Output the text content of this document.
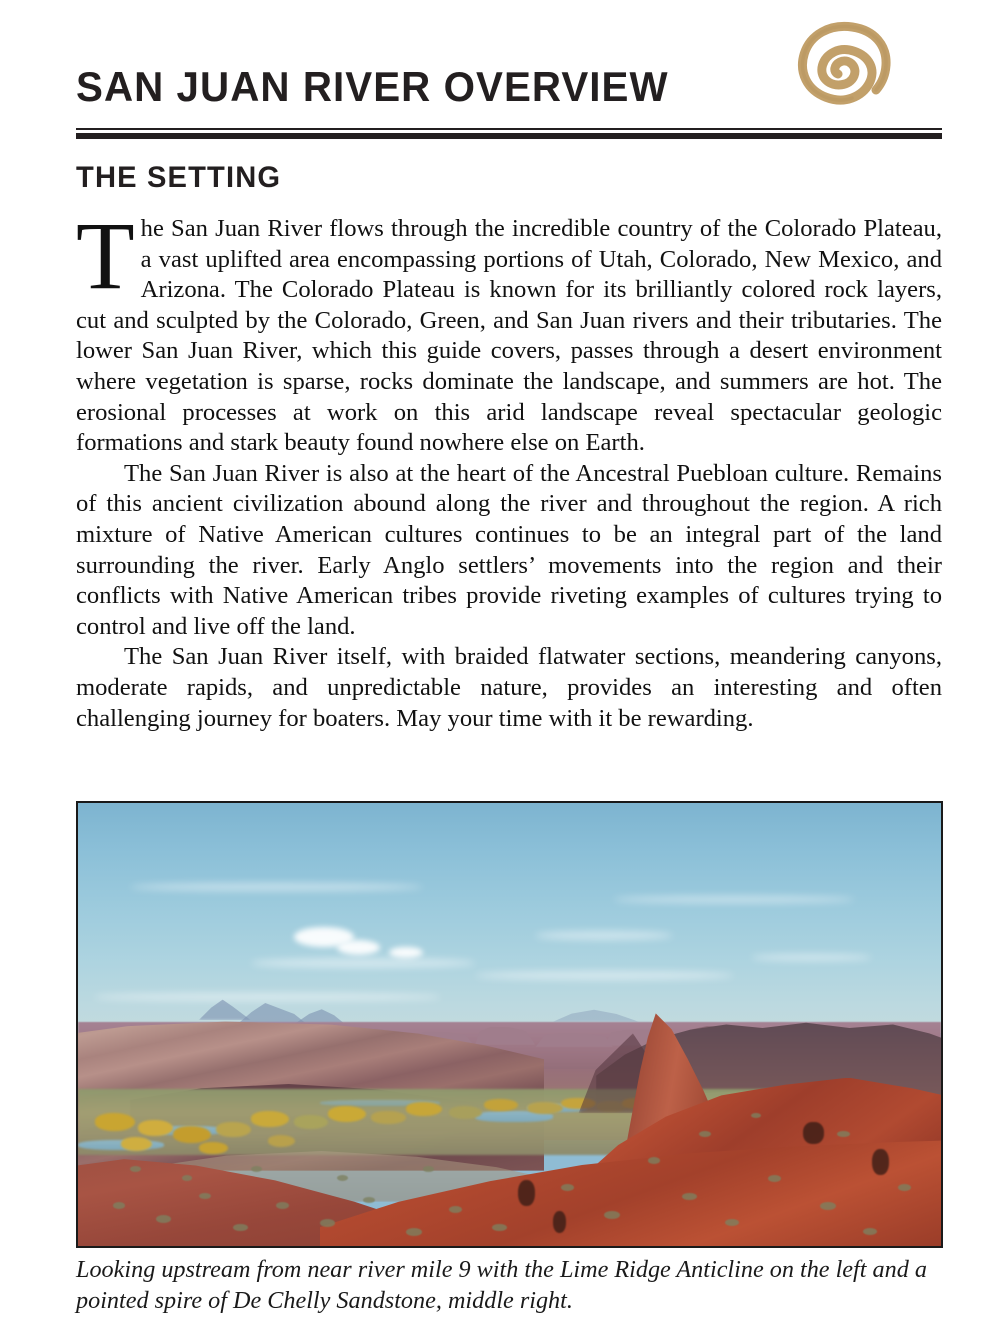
SAN JUAN RIVER OVERVIEW
THE SETTING

The San Juan River flows through the incredible country of the Colorado Plateau, a vast uplifted area encompassing portions of Utah, Colorado, New Mexico, and Arizona. The Colorado Plateau is known for its brilliantly colored rock layers, cut and sculpted by the Colorado, Green, and San Juan rivers and their tributaries. The lower San Juan River, which this guide covers, passes through a desert environment where vegetation is sparse, rocks dominate the landscape, and summers are hot. The erosional processes at work on this arid landscape reveal spectacular geologic formations and stark beauty found nowhere else on Earth.

The San Juan River is also at the heart of the Ancestral Puebloan culture. Remains of this ancient civilization abound along the river and throughout the region. A rich mixture of Native American cultures continues to be an integral part of the land surrounding the river. Early Anglo settlers’ movements into the region and their conflicts with Native American tribes provide riveting examples of cultures trying to control and live off the land.

The San Juan River itself, with braided flatwater sections, meandering canyons, moderate rapids, and unpredictable nature, provides an interesting and often challenging journey for boaters. May your time with it be rewarding.

Looking upstream from near river mile 9 with the Lime Ridge Anticline on the left and a pointed spire of De Chelly Sandstone, middle right.
